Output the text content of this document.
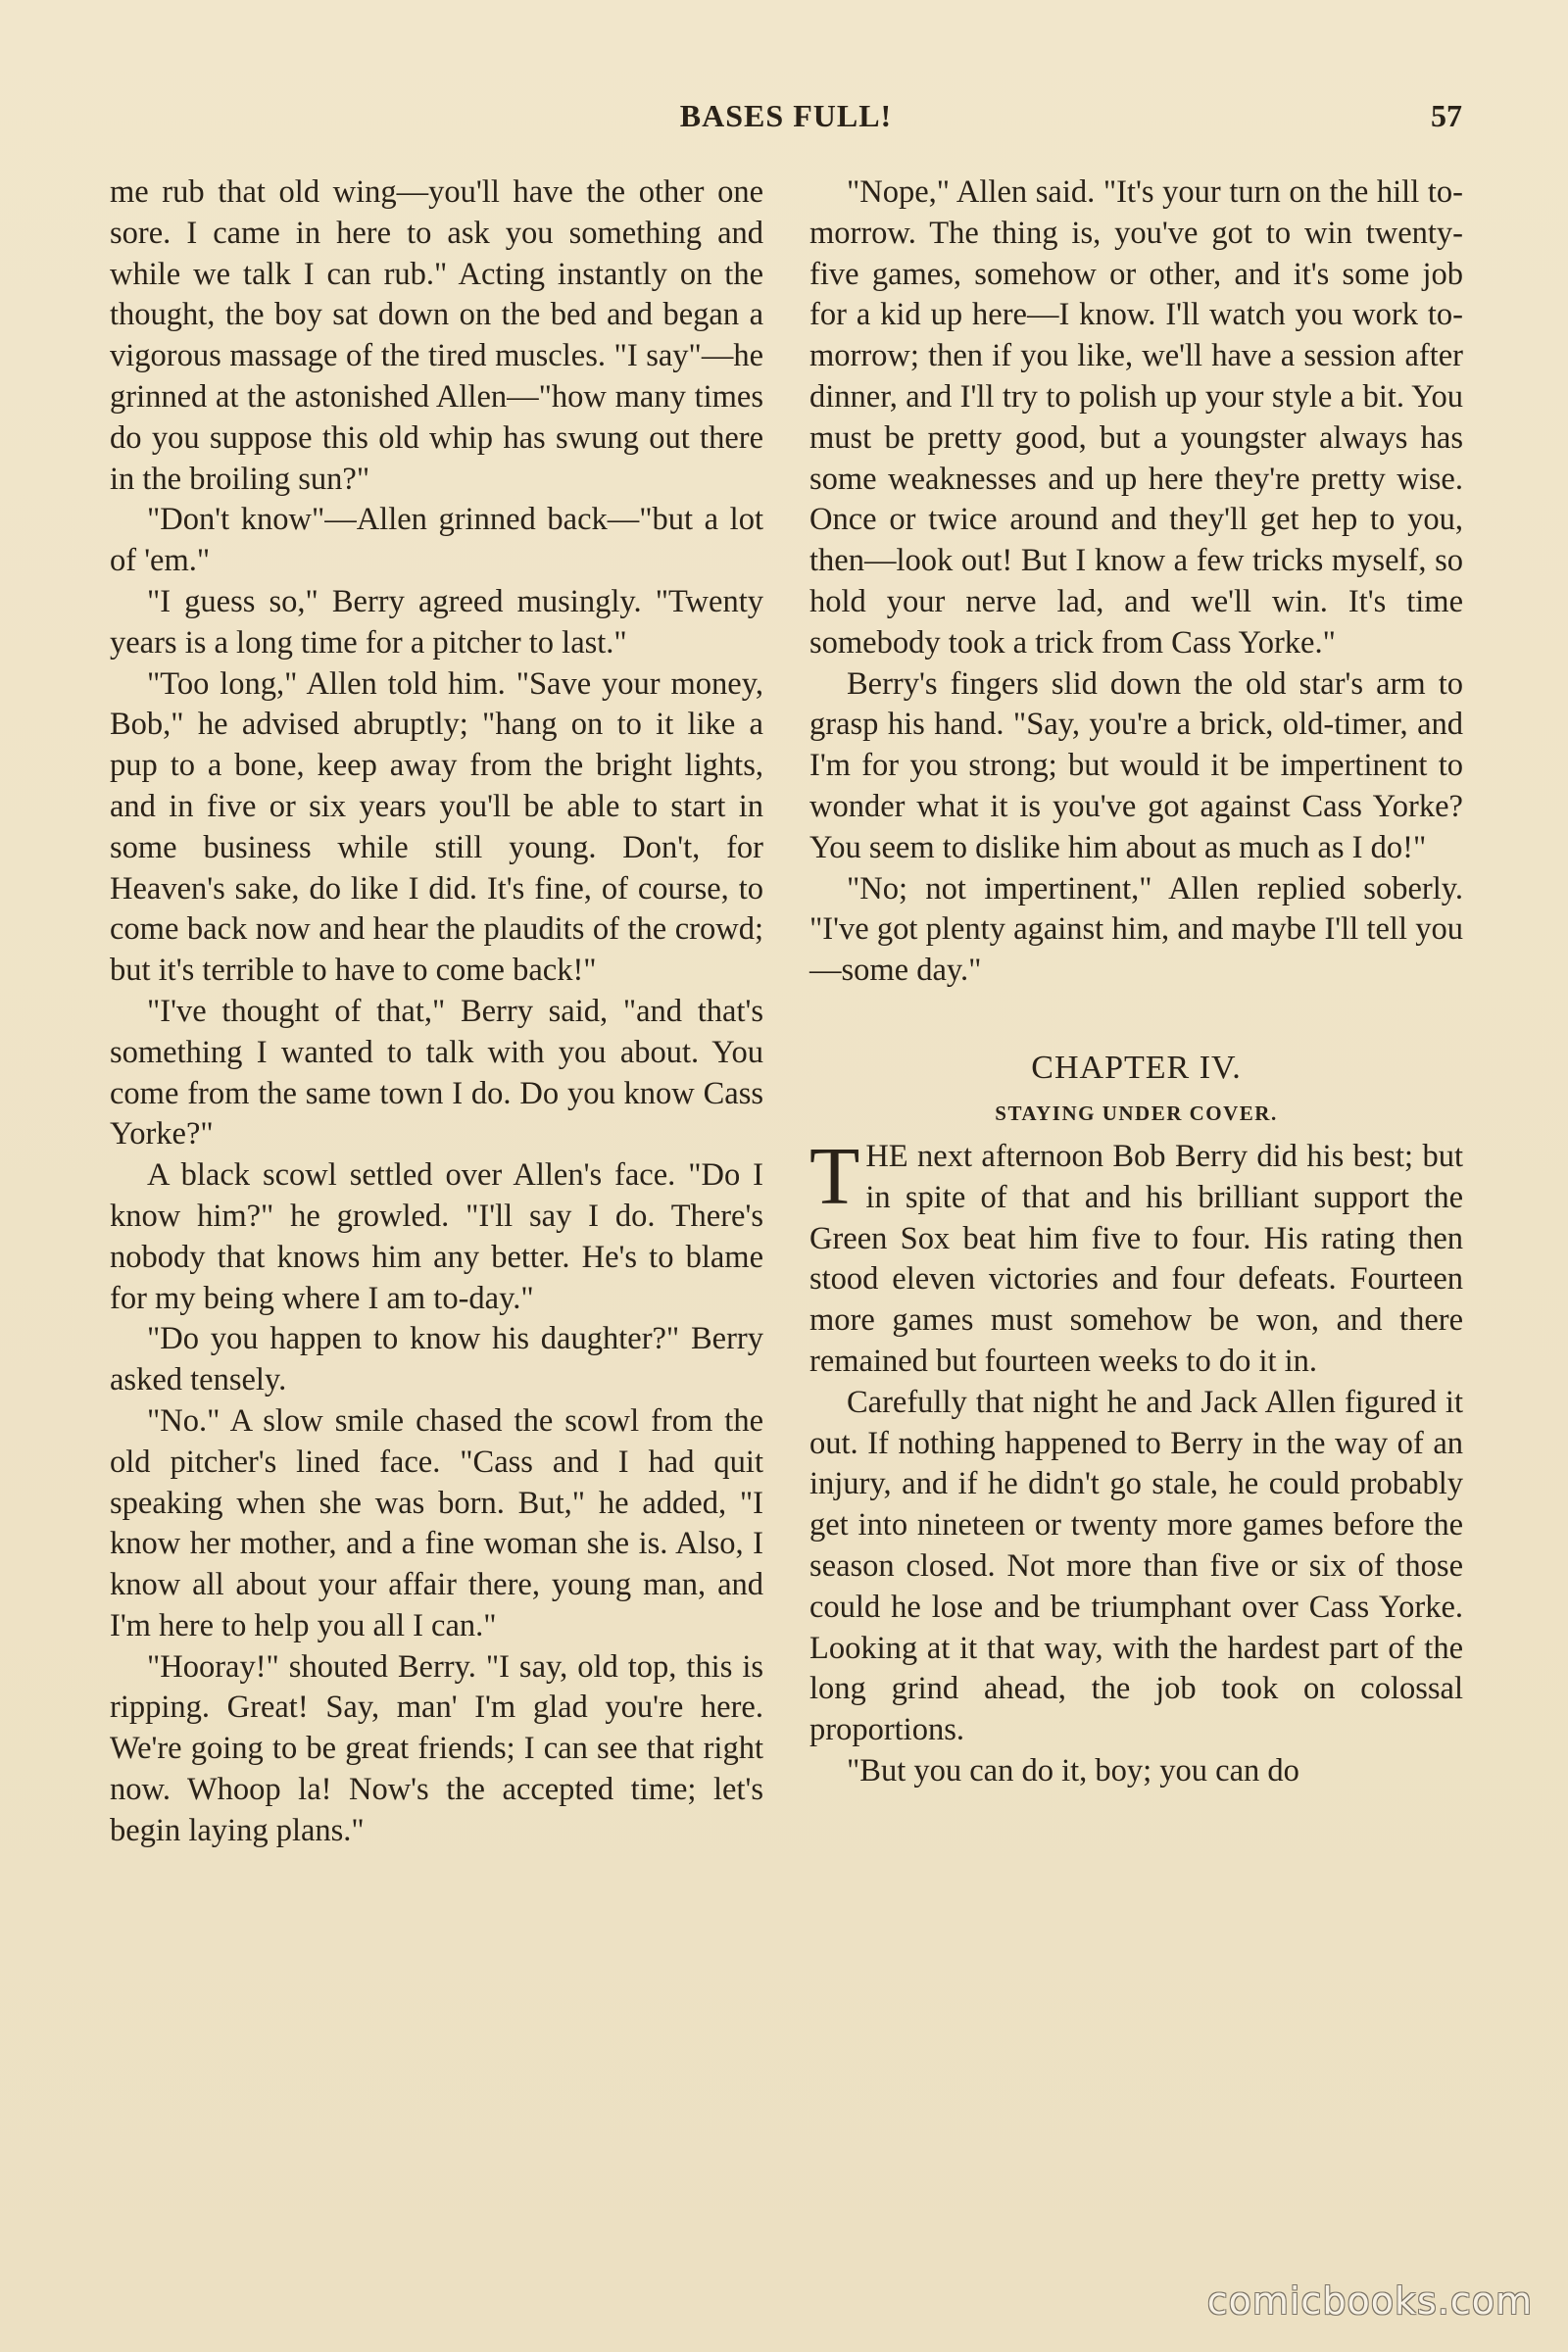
BASES FULL!	57

me rub that old wing—you'll have the other one sore. I came in here to ask you something and while we talk I can rub." Acting instantly on the thought, the boy sat down on the bed and began a vigorous massage of the tired muscles. "I say"—he grinned at the astonished Allen—"how many times do you suppose this old whip has swung out there in the broiling sun?"

"Don't know"—Allen grinned back—"but a lot of 'em."

"I guess so," Berry agreed musingly. "Twenty years is a long time for a pitcher to last."

"Too long," Allen told him. "Save your money, Bob," he advised abruptly; "hang on to it like a pup to a bone, keep away from the bright lights, and in five or six years you'll be able to start in some business while still young. Don't, for Heaven's sake, do like I did. It's fine, of course, to come back now and hear the plaudits of the crowd; but it's terrible to have to come back!"

"I've thought of that," Berry said, "and that's something I wanted to talk with you about. You come from the same town I do. Do you know Cass Yorke?"

A black scowl settled over Allen's face. "Do I know him?" he growled. "I'll say I do. There's nobody that knows him any better. He's to blame for my being where I am to-day."

"Do you happen to know his daughter?" Berry asked tensely.

"No." A slow smile chased the scowl from the old pitcher's lined face. "Cass and I had quit speaking when she was born. But," he added, "I know her mother, and a fine woman she is. Also, I know all about your affair there, young man, and I'm here to help you all I can."

"Hooray!" shouted Berry. "I say, old top, this is ripping. Great! Say, man' I'm glad you're here. We're going to be great friends; I can see that right now. Whoop la! Now's the accepted time; let's begin laying plans."

"Nope," Allen said. "It's your turn on the hill to-morrow. The thing is, you've got to win twenty-five games, somehow or other, and it's some job for a kid up here—I know. I'll watch you work to-morrow; then if you like, we'll have a session after dinner, and I'll try to polish up your style a bit. You must be pretty good, but a youngster always has some weaknesses and up here they're pretty wise. Once or twice around and they'll get hep to you, then—look out! But I know a few tricks myself, so hold your nerve lad, and we'll win. It's time somebody took a trick from Cass Yorke."

Berry's fingers slid down the old star's arm to grasp his hand. "Say, you're a brick, old-timer, and I'm for you strong; but would it be impertinent to wonder what it is you've got against Cass Yorke? You seem to dislike him about as much as I do!"

"No; not impertinent," Allen replied soberly. "I've got plenty against him, and maybe I'll tell you—some day."

CHAPTER IV.
STAYING UNDER COVER.

THE next afternoon Bob Berry did his best; but in spite of that and his brilliant support the Green Sox beat him five to four. His rating then stood eleven victories and four defeats. Fourteen more games must somehow be won, and there remained but fourteen weeks to do it in.

Carefully that night he and Jack Allen figured it out. If nothing happened to Berry in the way of an injury, and if he didn't go stale, he could probably get into nineteen or twenty more games before the season closed. Not more than five or six of those could he lose and be triumphant over Cass Yorke. Looking at it that way, with the hardest part of the long grind ahead, the job took on colossal proportions.

"But you can do it, boy; you can do

comicbooks.com
